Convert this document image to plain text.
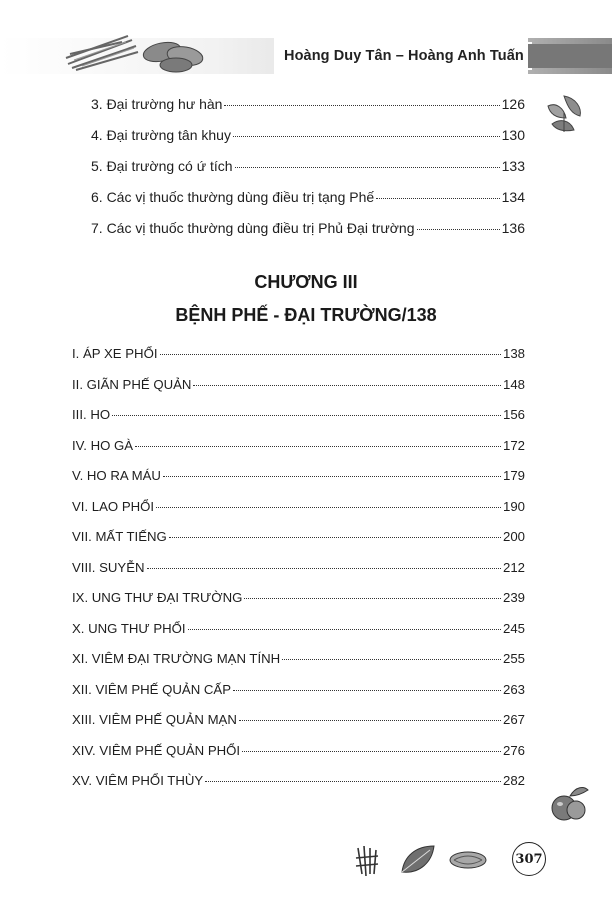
Hoàng Duy Tân – Hoàng Anh Tuấn
3. Đại trường hư hàn	126
4. Đại trường tân khuy	130
5. Đại trường có ứ tích	133
6. Các vị thuốc thường dùng điều trị tạng Phế	134
7. Các vị thuốc thường dùng điều trị Phủ Đại trường	136
CHƯƠNG III
BỆNH PHẾ - ĐẠI TRƯỜNG/138
I. ÁP XE PHỔI	138
II. GIÃN PHẾ QUẢN	148
III. HO	156
IV. HO GÀ	172
V. HO RA MÁU	179
VI. LAO PHỔI	190
VII. MẤT TIẾNG	200
VIII. SUYỄN	212
IX. UNG THƯ ĐẠI TRƯỜNG	239
X. UNG THƯ PHỔI	245
XI. VIÊM ĐẠI TRƯỜNG MẠN TÍNH	255
XII. VIÊM PHẾ QUẢN CẤP	263
XIII. VIÊM PHẾ QUẢN MẠN	267
XIV. VIÊM PHẾ QUẢN PHỔI	276
XV. VIÊM PHỔI THÙY	282
307
